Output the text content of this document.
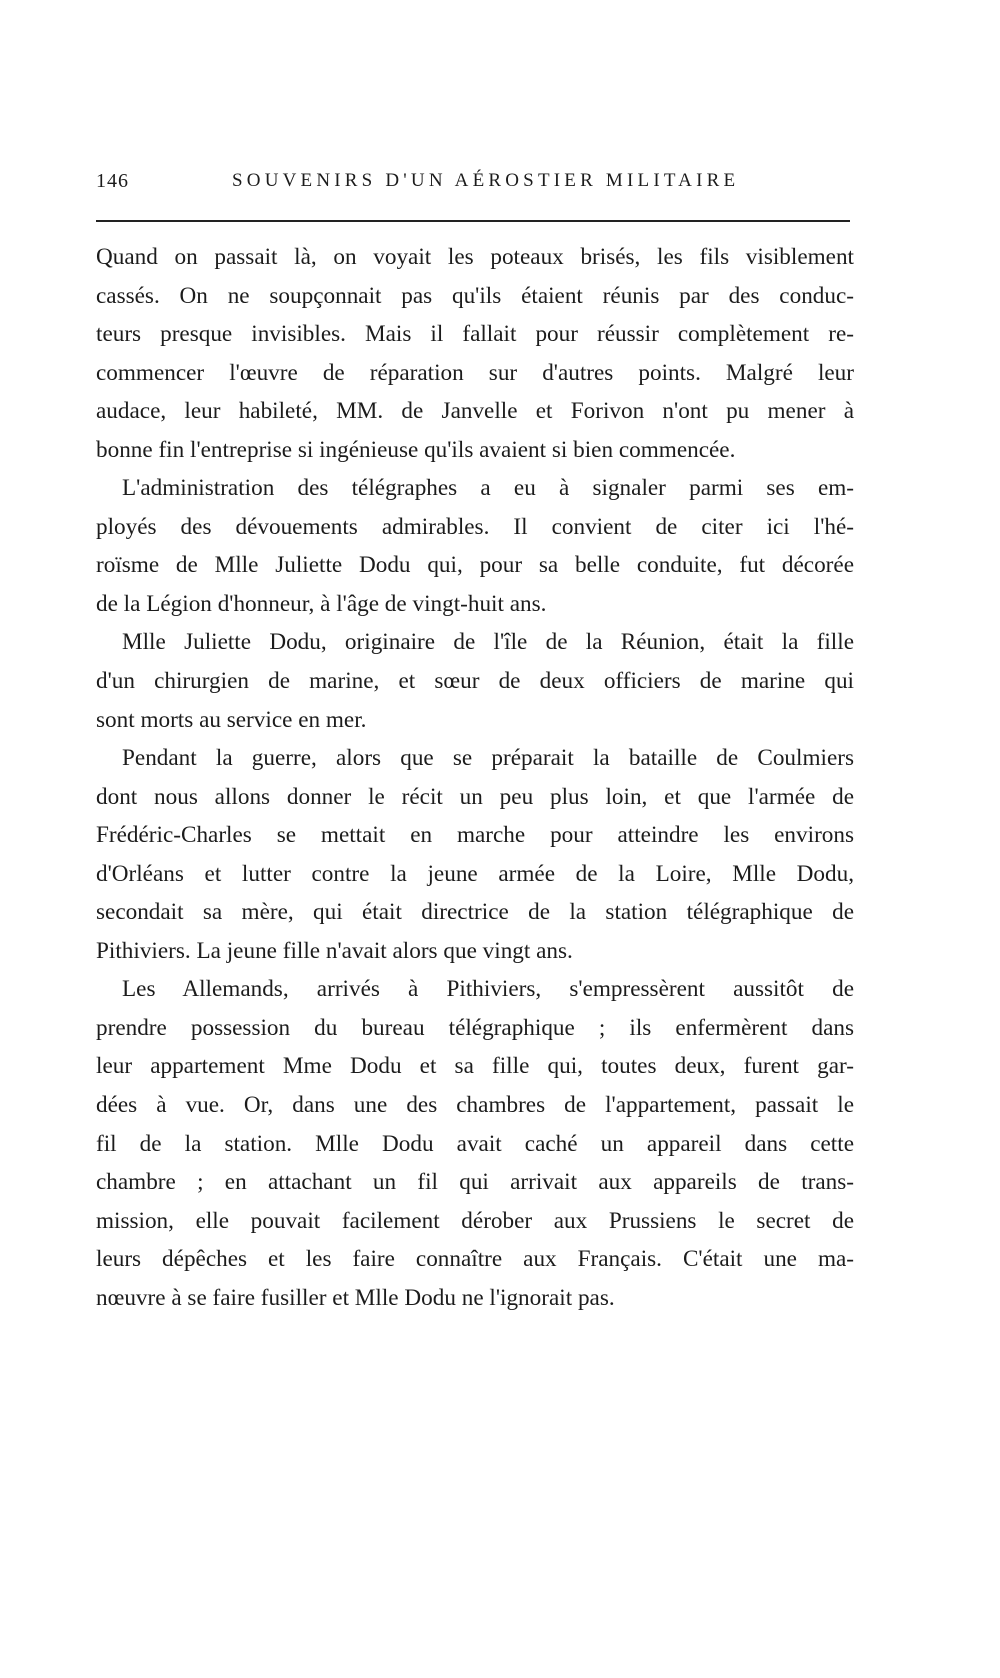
146	SOUVENIRS D'UN AÉROSTIER MILITAIRE
Quand on passait là, on voyait les poteaux brisés, les fils visiblement
cassés. On ne soupçonnait pas qu'ils étaient réunis par des conduc-
teurs presque invisibles. Mais il fallait pour réussir complètement re-
commencer l'œuvre de réparation sur d'autres points. Malgré leur
audace, leur habileté, MM. de Janvelle et Forivon n'ont pu mener à
bonne fin l'entreprise si ingénieuse qu'ils avaient si bien commencée.
L'administration des télégraphes a eu à signaler parmi ses em-
ployés des dévouements admirables. Il convient de citer ici l'hé-
roïsme de Mlle Juliette Dodu qui, pour sa belle conduite, fut décorée
de la Légion d'honneur, à l'âge de vingt-huit ans.
Mlle Juliette Dodu, originaire de l'île de la Réunion, était la fille
d'un chirurgien de marine, et sœur de deux officiers de marine qui
sont morts au service en mer.
Pendant la guerre, alors que se préparait la bataille de Coulmiers
dont nous allons donner le récit un peu plus loin, et que l'armée de
Frédéric-Charles se mettait en marche pour atteindre les environs
d'Orléans et lutter contre la jeune armée de la Loire, Mlle Dodu,
secondait sa mère, qui était directrice de la station télégraphique de
Pithiviers. La jeune fille n'avait alors que vingt ans.
Les Allemands, arrivés à Pithiviers, s'empressèrent aussitôt de
prendre possession du bureau télégraphique ; ils enfermèrent dans
leur appartement Mme Dodu et sa fille qui, toutes deux, furent gar-
dées à vue. Or, dans une des chambres de l'appartement, passait le
fil de la station. Mlle Dodu avait caché un appareil dans cette
chambre ; en attachant un fil qui arrivait aux appareils de trans-
mission, elle pouvait facilement dérober aux Prussiens le secret de
leurs dépêches et les faire connaître aux Français. C'était une ma-
nœuvre à se faire fusiller et Mlle Dodu ne l'ignorait pas.
